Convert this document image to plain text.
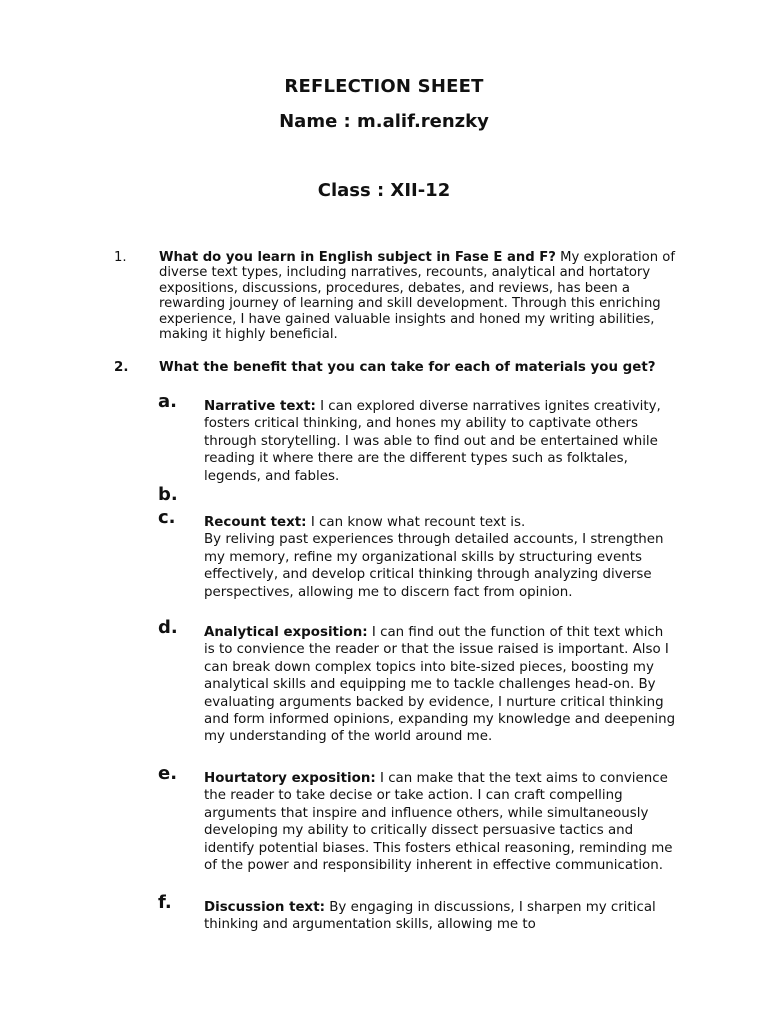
REFLECTION SHEET

Name : m.alif.renzky

Class : XII-12

1. What do you learn in English subject in Fase E and F? My exploration of diverse text types, including narratives, recounts, analytical and hortatory expositions, discussions, procedures, debates, and reviews, has been a rewarding journey of learning and skill development. Through this enriching experience, I have gained valuable insights and honed my writing abilities, making it highly beneficial.
2. What the benefit that you can take for each of materials you get?
a. Narrative text: I can explored diverse narratives ignites creativity, fosters critical thinking, and hones my ability to captivate others through storytelling. I was able to find out and be entertained while reading it where there are the different types such as folktales, legends, and fables.
b.
c. Recount text: I can know what recount text is.
By reliving past experiences through detailed accounts, I strengthen my memory, refine my organizational skills by structuring events effectively, and develop critical thinking through analyzing diverse perspectives, allowing me to discern fact from opinion.
d. Analytical exposition: I can find out the function of thit text which is to convience the reader or that the issue raised is important. Also I can break down complex topics into bite-sized pieces, boosting my analytical skills and equipping me to tackle challenges head-on. By evaluating arguments backed by evidence, I nurture critical thinking and form informed opinions, expanding my knowledge and deepening my understanding of the world around me.
e. Hourtatory exposition: I can make that the text aims to convience the reader to take decise or take action. I can craft compelling arguments that inspire and influence others, while simultaneously developing my ability to critically dissect persuasive tactics and identify potential biases. This fosters ethical reasoning, reminding me of the power and responsibility inherent in effective communication.
f. Discussion text: By engaging in discussions, I sharpen my critical thinking and argumentation skills, allowing me to
